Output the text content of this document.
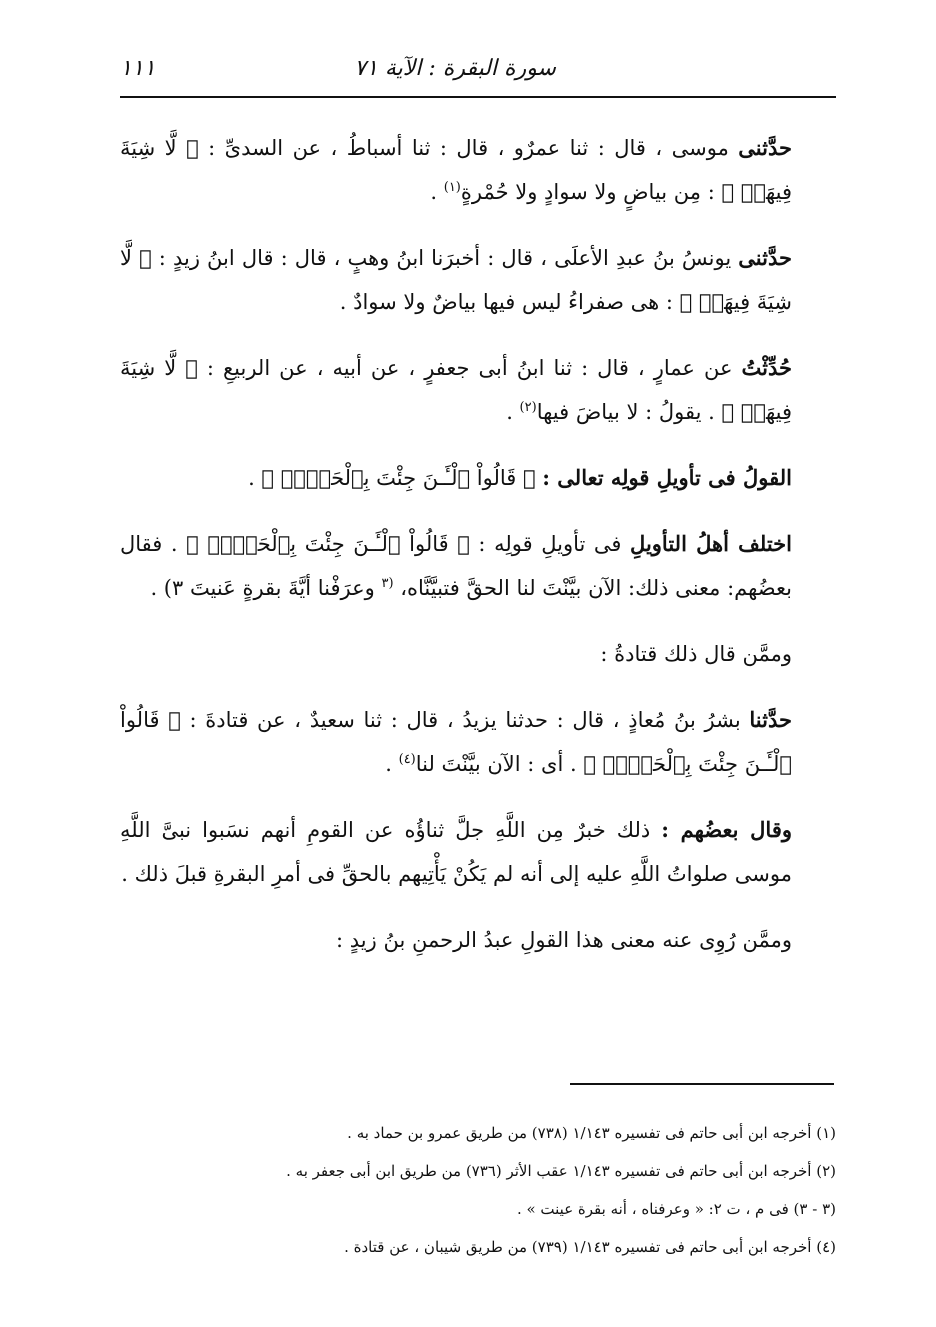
سورة البقرة : الآية ٧١
١١١

حدَّثنى موسى ، قال : ثنا عمرٌو ، قال : ثنا أسباطُ ، عن السدىِّ : ﴿ لَّا شِيَةَ فِيهَاۚ ﴾ : مِن بياضٍ ولا سوادٍ ولا حُمْرةٍ$^{(١)}$ .

حدَّثنى يونسُ بنُ عبدِ الأعلَى ، قال : أخبرَنا ابنُ وهبٍ ، قال : قال ابنُ زيدٍ : ﴿ لَّا شِيَةَ فِيهَاۚ ﴾ : هى صفراءُ ليس فيها بياضٌ ولا سوادٌ .

حُدِّثْتُ عن عمارٍ ، قال : ثنا ابنُ أبى جعفرٍ ، عن أبيه ، عن الربيعِ : ﴿ لَّا شِيَةَ فِيهَاۚ ﴾ . يقولُ : لا بياضَ فيها$^{(٢)}$ .

القولُ فى تأويلِ قولِه تعالى : ﴿ قَالُواْ ٱلْـَٔـنَ جِئْتَ بِٱلْحَقِّۚ ﴾ .

اختلف أهلُ التأويلِ فى تأويلِ قولِه : ﴿ قَالُواْ ٱلْـَٔـنَ جِئْتَ بِٱلْحَقِّۚ ﴾ . فقال بعضُهم: معنى ذلك: الآن بيَّنْتَ لنا الحقَّ فتبيَّنَّاه، $^{(٣}$ وعرَفْنا أيَّةَ بقرةٍ عَنيتَ ٣) .

وممَّن قال ذلك قتادةُ :

حدَّثنا بشرُ بنُ مُعاذٍ ، قال : حدثنا يزيدُ ، قال : ثنا سعيدٌ ، عن قتادةَ : ﴿ قَالُواْ ٱلْـَٔـنَ جِئْتَ بِٱلْحَقِّۚ ﴾ . أى : الآن بيَّنْتَ لنا$^{(٤)}$ .

وقال بعضُهم : ذلك خبرٌ مِن اللَّهِ جلَّ ثناؤُه عن القومِ أنهم نسَبوا نبىَّ اللَّهِ موسى صلواتُ اللَّهِ عليه إلى أنه لم يَكُنْ يَأْتِيهم بالحقِّ فى أمرِ البقرةِ قبلَ ذلك .

وممَّن رُوِى عنه معنى هذا القولِ عبدُ الرحمنِ بنُ زيدٍ :

(١) أخرجه ابن أبى حاتم فى تفسيره ١/١٤٣ (٧٣٨) من طريق عمرو بن حماد به .
(٢) أخرجه ابن أبى حاتم فى تفسيره ١/١٤٣ عقب الأثر (٧٣٦) من طريق ابن أبى جعفر به .
(٣ - ٣) فى م ، ت ٢: « وعرفناه ، أنه بقرة عينت » .
(٤) أخرجه ابن أبى حاتم فى تفسيره ١/١٤٣ (٧٣٩) من طريق شيبان ، عن قتادة .
